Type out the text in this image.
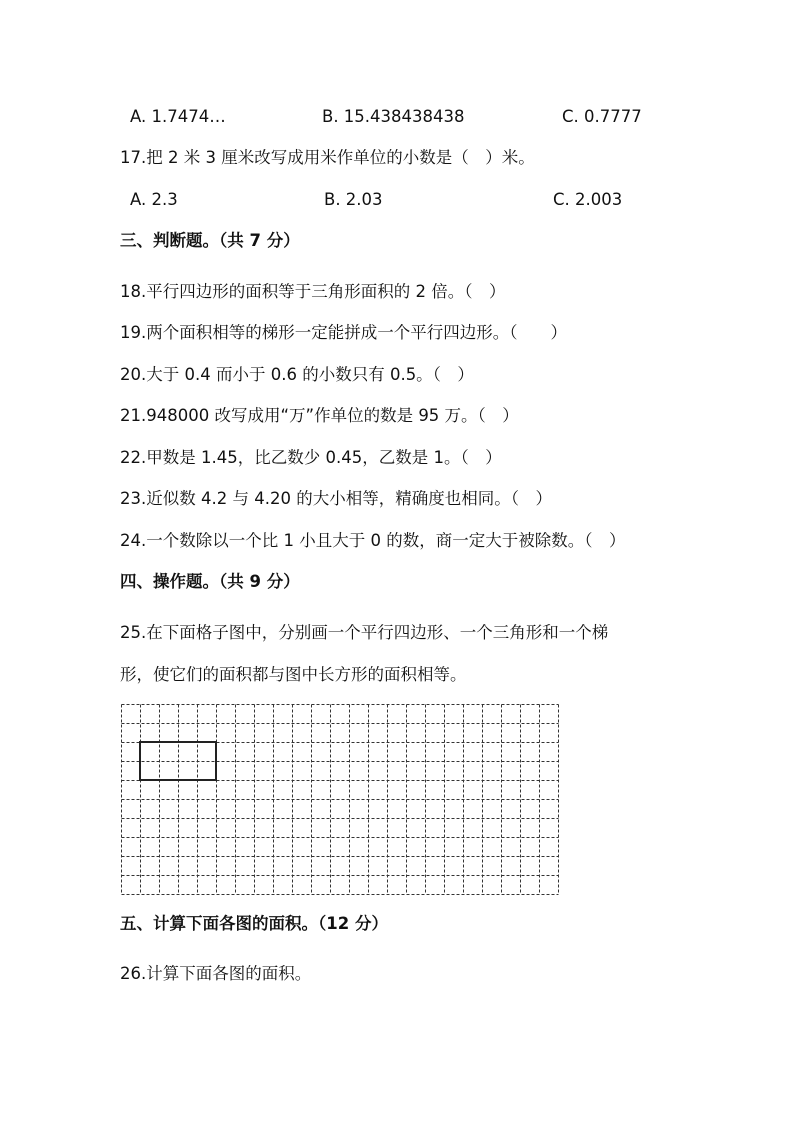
A. 1.7474…	B. 15.438438438	C. 0.7777
17.把 2 米 3 厘米改写成用米作单位的小数是（　）米。
A. 2.3	B. 2.03	C. 2.003
三、判断题。（共 7 分）
18.平行四边形的面积等于三角形面积的 2 倍。（　）
19.两个面积相等的梯形一定能拼成一个平行四边形。（　　）
20.大于 0.4 而小于 0.6 的小数只有 0.5。（　）
21.948000 改写成用“万”作单位的数是 95 万。（　）
22.甲数是 1.45，比乙数少 0.45，乙数是 1。（　）
23.近似数 4.2 与 4.20 的大小相等，精确度也相同。（　）
24.一个数除以一个比 1 小且大于 0 的数，商一定大于被除数。（　）
四、操作题。（共 9 分）
25.在下面格子图中，分别画一个平行四边形、一个三角形和一个梯
形，使它们的面积都与图中长方形的面积相等。
五、计算下面各图的面积。（12 分）
26.计算下面各图的面积。
